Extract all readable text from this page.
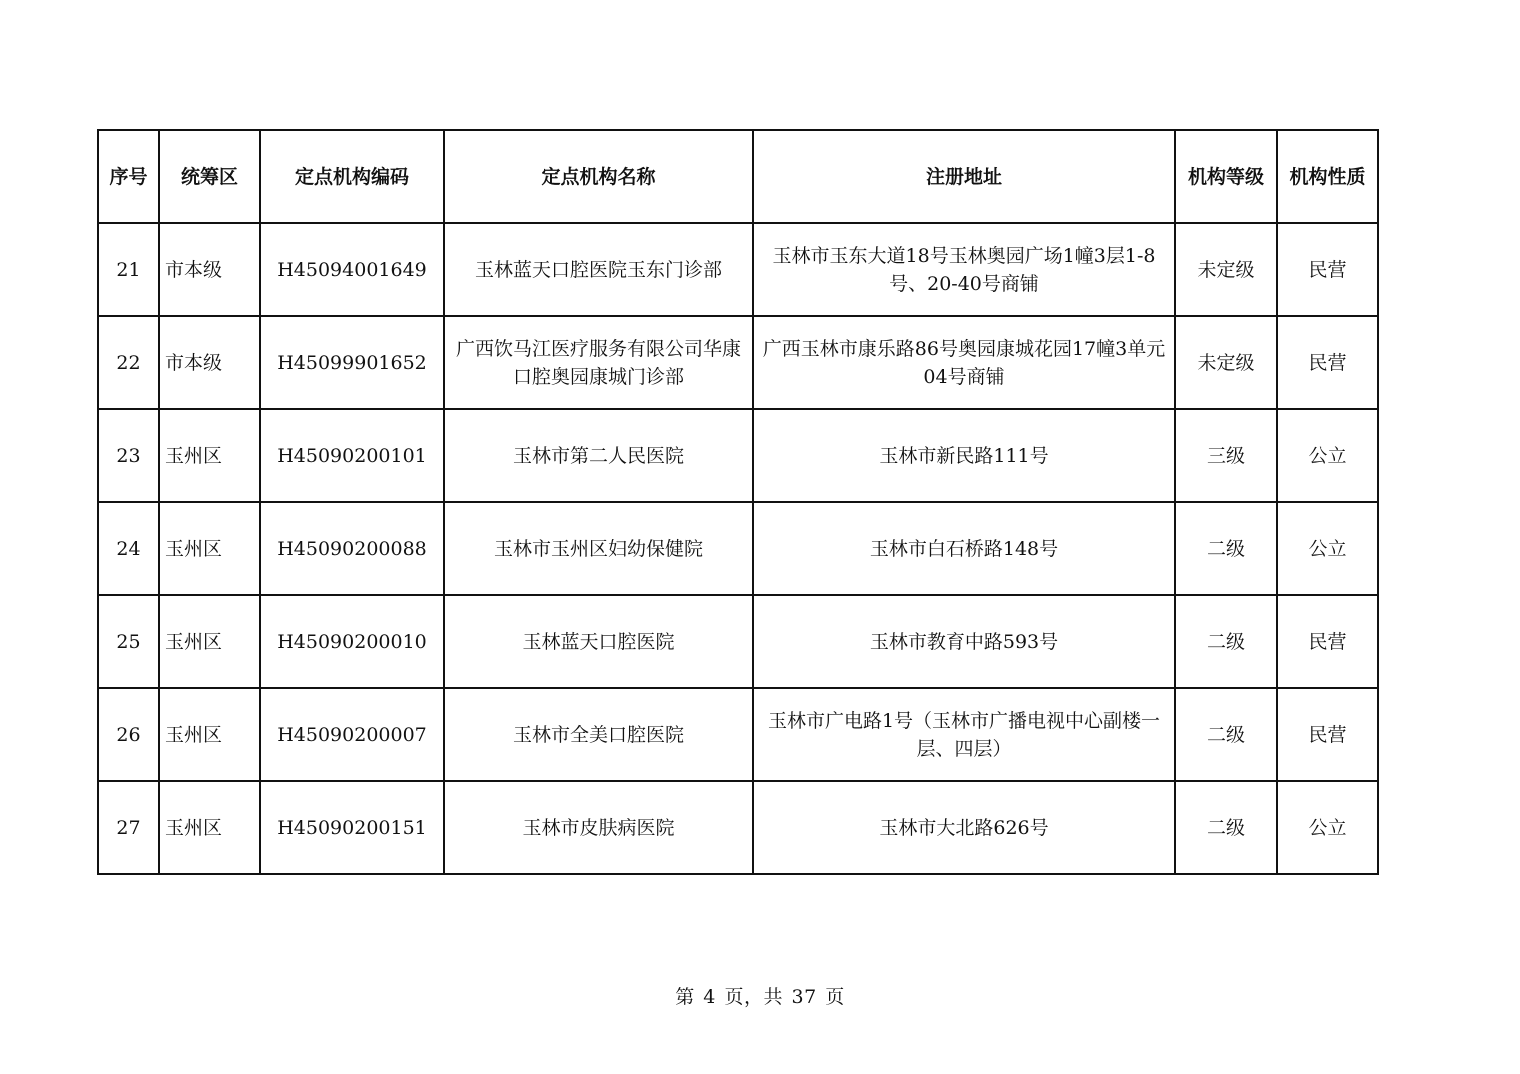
序号	统筹区	定点机构编码	定点机构名称	注册地址	机构等级	机构性质
21	市本级	H45094001649	玉林蓝天口腔医院玉东门诊部	玉林市玉东大道18号玉林奥园广场1幢3层1-8号、20-40号商铺	未定级	民营
22	市本级	H45099901652	广西饮马江医疗服务有限公司华康口腔奥园康城门诊部	广西玉林市康乐路86号奥园康城花园17幢3单元04号商铺	未定级	民营
23	玉州区	H45090200101	玉林市第二人民医院	玉林市新民路111号	三级	公立
24	玉州区	H45090200088	玉林市玉州区妇幼保健院	玉林市白石桥路148号	二级	公立
25	玉州区	H45090200010	玉林蓝天口腔医院	玉林市教育中路593号	二级	民营
26	玉州区	H45090200007	玉林市全美口腔医院	玉林市广电路1号（玉林市广播电视中心副楼一层、四层）	二级	民营
27	玉州区	H45090200151	玉林市皮肤病医院	玉林市大北路626号	二级	公立
第 4 页，共 37 页
